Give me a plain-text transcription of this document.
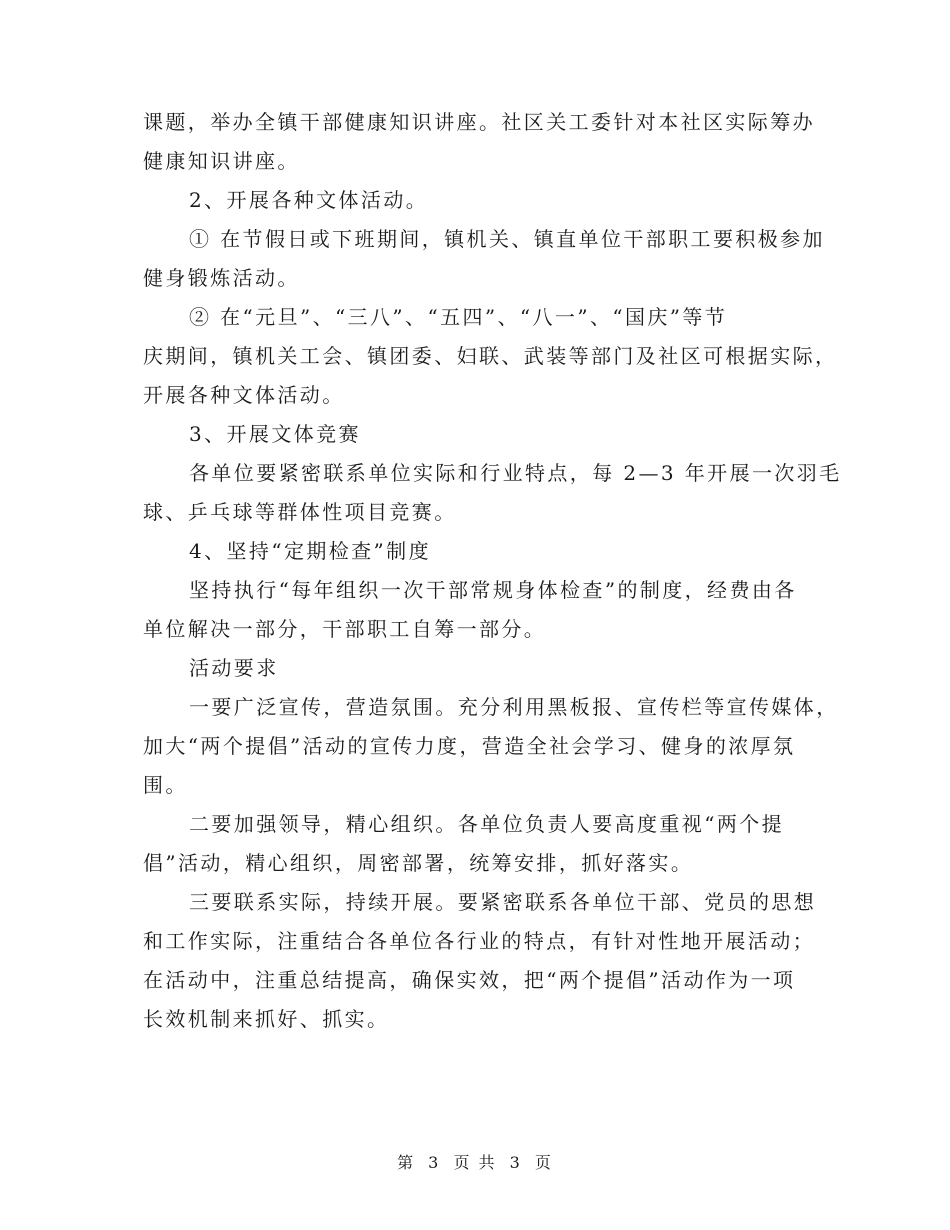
课题，举办全镇干部健康知识讲座。社区关工委针对本社区实际筹办
健康知识讲座。
2、开展各种文体活动。
① 在节假日或下班期间，镇机关、镇直单位干部职工要积极参加
健身锻炼活动。
② 在“元旦”、“三八”、“五四”、“八一”、“国庆”等节
庆期间，镇机关工会、镇团委、妇联、武装等部门及社区可根据实际，
开展各种文体活动。
3、开展文体竞赛
各单位要紧密联系单位实际和行业特点，每 2—3 年开展一次羽毛
球、乒乓球等群体性项目竞赛。
4、坚持“定期检查”制度
坚持执行“每年组织一次干部常规身体检查”的制度，经费由各
单位解决一部分，干部职工自筹一部分。
活动要求
一要广泛宣传，营造氛围。充分利用黑板报、宣传栏等宣传媒体，
加大“两个提倡”活动的宣传力度，营造全社会学习、健身的浓厚氛
围。
二要加强领导，精心组织。各单位负责人要高度重视“两个提
倡”活动，精心组织，周密部署，统筹安排，抓好落实。
三要联系实际，持续开展。要紧密联系各单位干部、党员的思想
和工作实际，注重结合各单位各行业的特点，有针对性地开展活动；
在活动中，注重总结提高，确保实效，把“两个提倡”活动作为一项
长效机制来抓好、抓实。
第 3 页 共 3 页
